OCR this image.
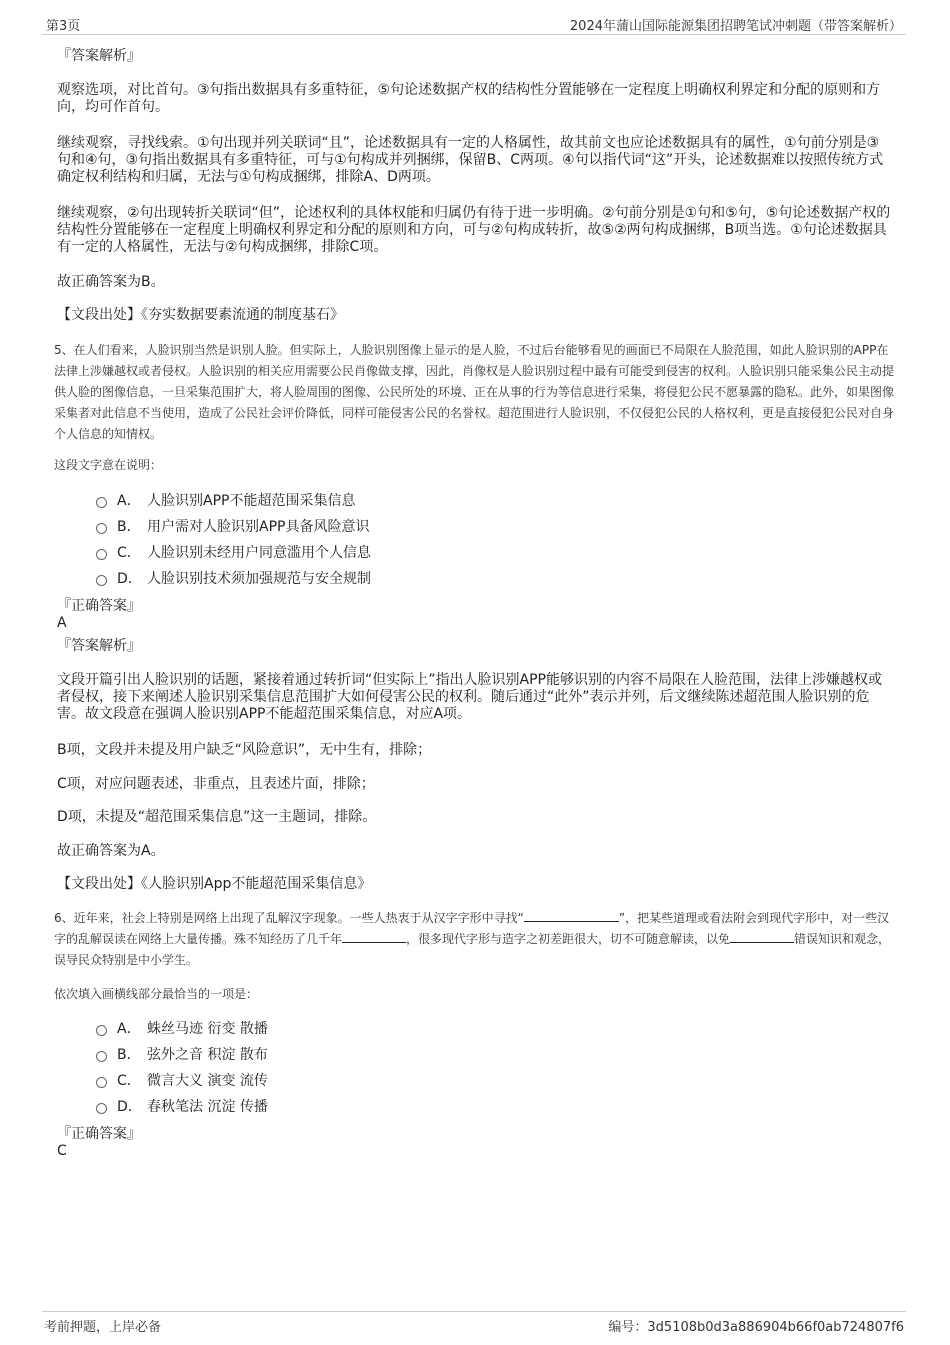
第3页	2024年蒲山国际能源集团招聘笔试冲刺题（带答案解析）
『答案解析』
观察选项，对比首句。③句指出数据具有多重特征，⑤句论述数据产权的结构性分置能够在一定程度上明确权利界定和分配的原则和方向，均可作首句。
继续观察，寻找线索。①句出现并列关联词“且”，论述数据具有一定的人格属性，故其前文也应论述数据具有的属性，①句前分别是③句和④句，③句指出数据具有多重特征，可与①句构成并列捆绑，保留B、C两项。④句以指代词“这”开头，论述数据难以按照传统方式确定权利结构和归属，无法与①句构成捆绑，排除A、D两项。
继续观察，②句出现转折关联词“但”，论述权利的具体权能和归属仍有待于进一步明确。②句前分别是①句和⑤句，⑤句论述数据产权的结构性分置能够在一定程度上明确权利界定和分配的原则和方向，可与②句构成转折，故⑤②两句构成捆绑，B项当选。①句论述数据具有一定的人格属性，无法与②句构成捆绑，排除C项。
故正确答案为B。
【文段出处】《夯实数据要素流通的制度基石》
5、在人们看来，人脸识别当然是识别人脸。但实际上，人脸识别图像上显示的是人脸，不过后台能够看见的画面已不局限在人脸范围，如此人脸识别的APP在法律上涉嫌越权或者侵权。人脸识别的相关应用需要公民肖像做支撑，因此，肖像权是人脸识别过程中最有可能受到侵害的权利。人脸识别只能采集公民主动提供人脸的图像信息，一旦采集范围扩大，将人脸周围的图像、公民所处的环境、正在从事的行为等信息进行采集，将侵犯公民不愿暴露的隐私。此外，如果图像采集者对此信息不当使用，造成了公民社会评价降低，同样可能侵害公民的名誉权。超范围进行人脸识别，不仅侵犯公民的人格权利，更是直接侵犯公民对自身个人信息的知情权。
这段文字意在说明：
A． 人脸识别APP不能超范围采集信息
B． 用户需对人脸识别APP具备风险意识
C． 人脸识别未经用户同意滥用个人信息
D． 人脸识别技术须加强规范与安全规制
『正确答案』
A
『答案解析』
文段开篇引出人脸识别的话题，紧接着通过转折词“但实际上”指出人脸识别APP能够识别的内容不局限在人脸范围，法律上涉嫌越权或者侵权，接下来阐述人脸识别采集信息范围扩大如何侵害公民的权利。随后通过“此外”表示并列，后文继续陈述超范围人脸识别的危害。故文段意在强调人脸识别APP不能超范围采集信息，对应A项。
B项，文段并未提及用户缺乏“风险意识”，无中生有，排除；
C项，对应问题表述，非重点，且表述片面，排除；
D项，未提及“超范围采集信息”这一主题词，排除。
故正确答案为A。
【文段出处】《人脸识别App不能超范围采集信息》
6、近年来，社会上特别是网络上出现了乱解汉字现象。一些人热衷于从汉字字形中寻找“	”，把某些道理或看法附会到现代字形中，对一些汉字的乱解误读在网络上大量传播。殊不知经历了几千年	，很多现代字形与造字之初差距很大，切不可随意解读，以免	错误知识和观念，误导民众特别是中小学生。
依次填入画横线部分最恰当的一项是：
A． 蛛丝马迹 衍变 散播
B． 弦外之音 积淀 散布
C． 微言大义 演变 流传
D． 春秋笔法 沉淀 传播
『正确答案』
C
考前押题，上岸必备	编号：3d5108b0d3a886904b66f0ab724807f6
